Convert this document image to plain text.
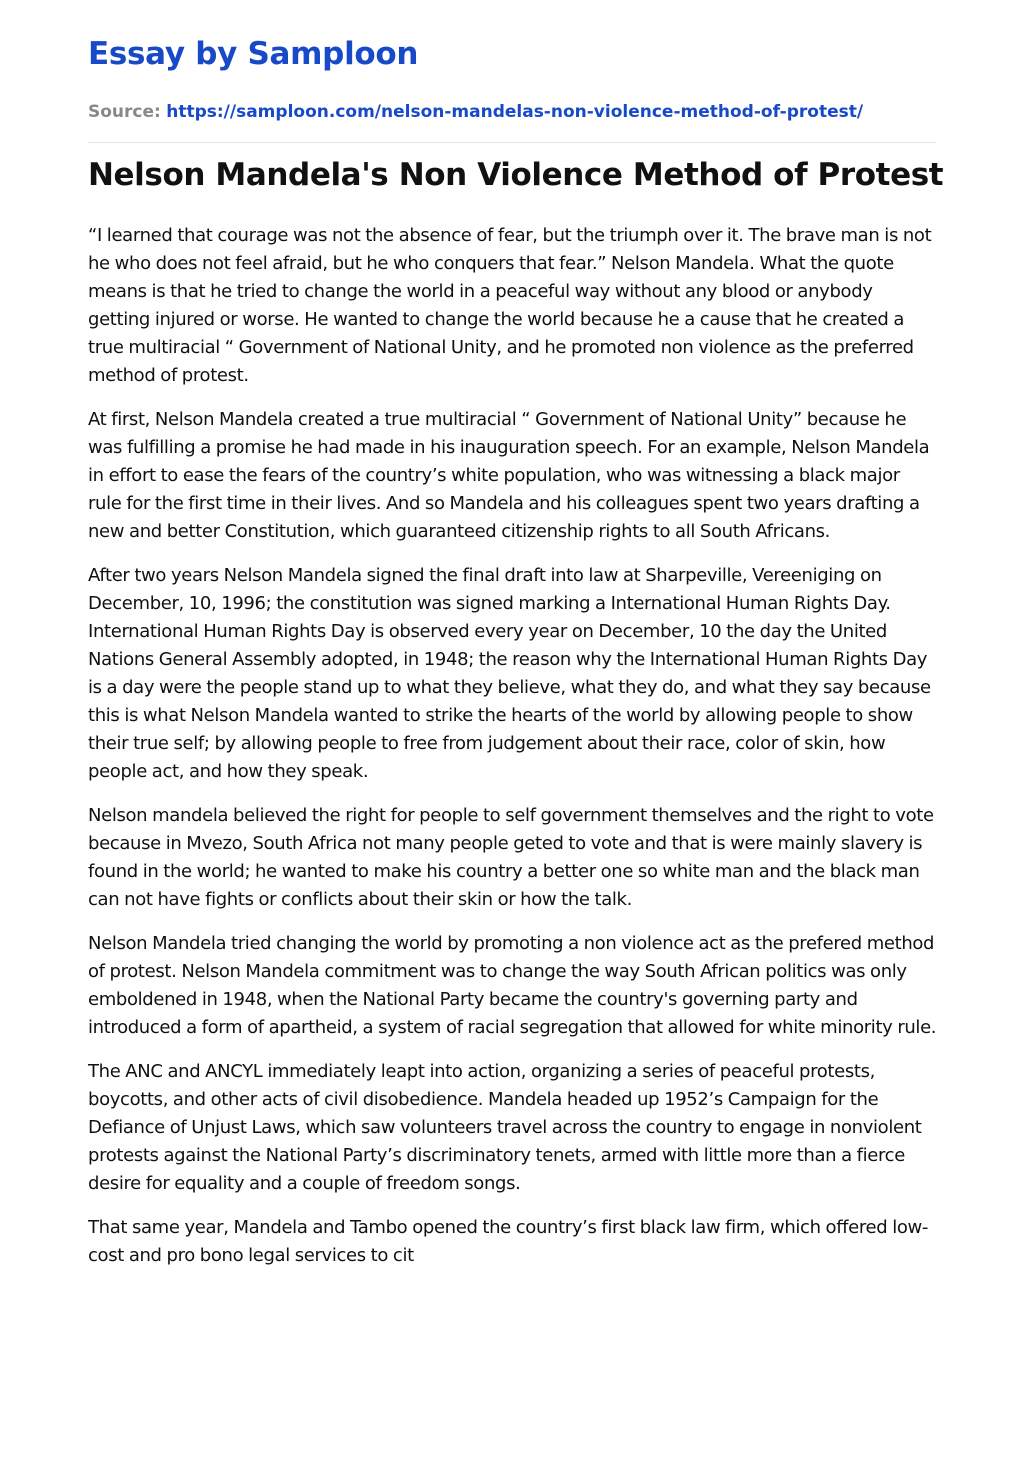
Essay by Samploon
Source: https://samploon.com/nelson-mandelas-non-violence-method-of-protest/
Nelson Mandela's Non Violence Method of Protest

“I learned that courage was not the absence of fear, but the triumph over it. The brave man is not he who does not feel afraid, but he who conquers that fear.” Nelson Mandela. What the quote means is that he tried to change the world in a peaceful way without any blood or anybody getting injured or worse. He wanted to change the world because he a cause that he created a true multiracial “ Government of National Unity, and he promoted non violence as the preferred method of protest.

At first, Nelson Mandela created a true multiracial “ Government of National Unity” because he was fulfilling a promise he had made in his inauguration speech. For an example, Nelson Mandela in effort to ease the fears of the country’s white population, who was witnessing a black major rule for the first time in their lives. And so Mandela and his colleagues spent two years drafting a new and better Constitution, which guaranteed citizenship rights to all South Africans.

After two years Nelson Mandela signed the final draft into law at Sharpeville, Vereeniging on December, 10, 1996; the constitution was signed marking a International Human Rights Day. International Human Rights Day is observed every year on December, 10 the day the United Nations General Assembly adopted, in 1948; the reason why the International Human Rights Day is a day were the people stand up to what they believe, what they do, and what they say because this is what Nelson Mandela wanted to strike the hearts of the world by allowing people to show their true self; by allowing people to free from judgement about their race, color of skin, how people act, and how they speak.

Nelson mandela believed the right for people to self government themselves and the right to vote because in Mvezo, South Africa not many people geted to vote and that is were mainly slavery is found in the world; he wanted to make his country a better one so white man and the black man can not have fights or conflicts about their skin or how the talk.

Nelson Mandela tried changing the world by promoting a non violence act as the prefered method of protest. Nelson Mandela commitment was to change the way South African politics was only emboldened in 1948, when the National Party became the country's governing party and introduced a form of apartheid, a system of racial segregation that allowed for white minority rule.

The ANC and ANCYL immediately leapt into action, organizing a series of peaceful protests, boycotts, and other acts of civil disobedience. Mandela headed up 1952’s Campaign for the Defiance of Unjust Laws, which saw volunteers travel across the country to engage in nonviolent protests against the National Party’s discriminatory tenets, armed with little more than a fierce desire for equality and a couple of freedom songs.

That same year, Mandela and Tambo opened the country’s first black law firm, which offered low-cost and pro bono legal services to cit
